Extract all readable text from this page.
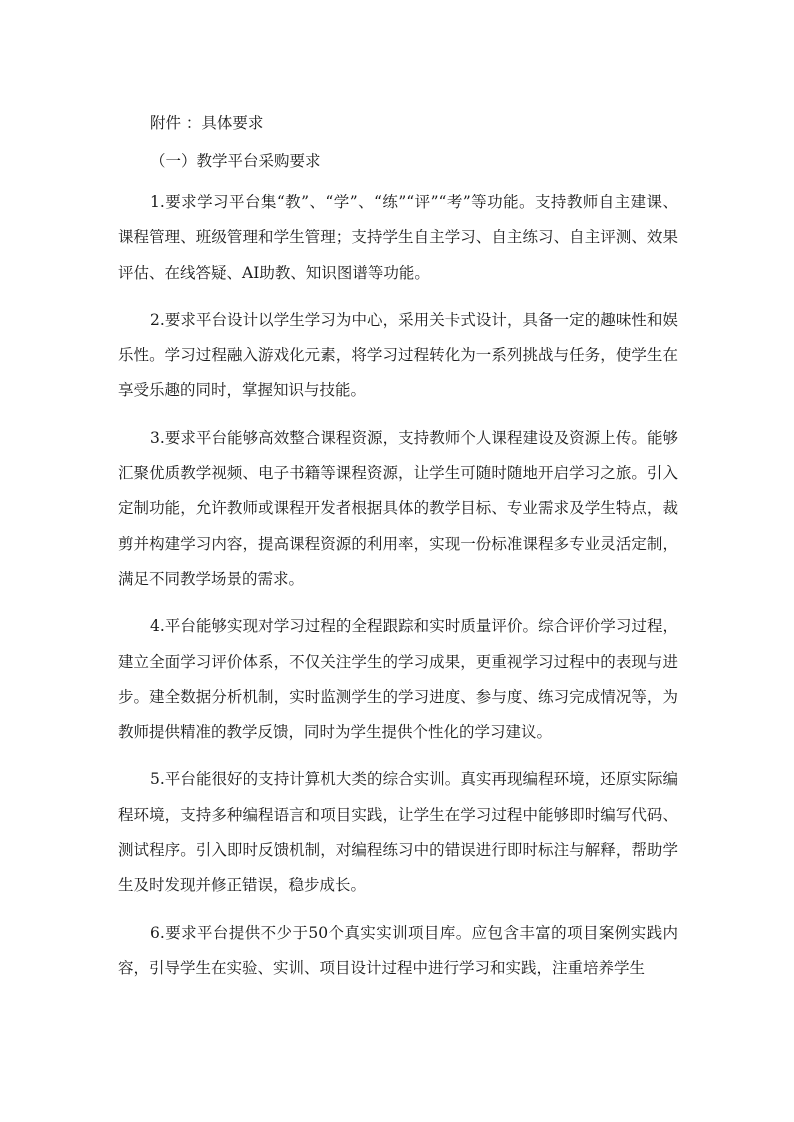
附件 ：具体要求
（一）教学平台采购要求

1.要求学习平台集“教”、“学”、“练”“评”“考”等功能。支持教师自主建课、课程管理、班级管理和学生管理；支持学生自主学习、自主练习、自主评测、效果评估、在线答疑、AI助教、知识图谱等功能。

2.要求平台设计以学生学习为中心，采用关卡式设计，具备一定的趣味性和娱乐性。学习过程融入游戏化元素，将学习过程转化为一系列挑战与任务，使学生在享受乐趣的同时，掌握知识与技能。

3.要求平台能够高效整合课程资源，支持教师个人课程建设及资源上传。能够汇聚优质教学视频、电子书籍等课程资源，让学生可随时随地开启学习之旅。引入定制功能，允许教师或课程开发者根据具体的教学目标、专业需求及学生特点，裁剪并构建学习内容，提高课程资源的利用率，实现一份标准课程多专业灵活定制，满足不同教学场景的需求。

4.平台能够实现对学习过程的全程跟踪和实时质量评价。综合评价学习过程，建立全面学习评价体系，不仅关注学生的学习成果，更重视学习过程中的表现与进步。建全数据分析机制，实时监测学生的学习进度、参与度、练习完成情况等，为教师提供精准的教学反馈，同时为学生提供个性化的学习建议。

5.平台能很好的支持计算机大类的综合实训。真实再现编程环境，还原实际编程环境，支持多种编程语言和项目实践，让学生在学习过程中能够即时编写代码、测试程序。引入即时反馈机制，对编程练习中的错误进行即时标注与解释，帮助学生及时发现并修正错误，稳步成长。

6.要求平台提供不少于50个真实实训项目库。应包含丰富的项目案例实践内容，引导学生在实验、实训、项目设计过程中进行学习和实践，注重培养学生
